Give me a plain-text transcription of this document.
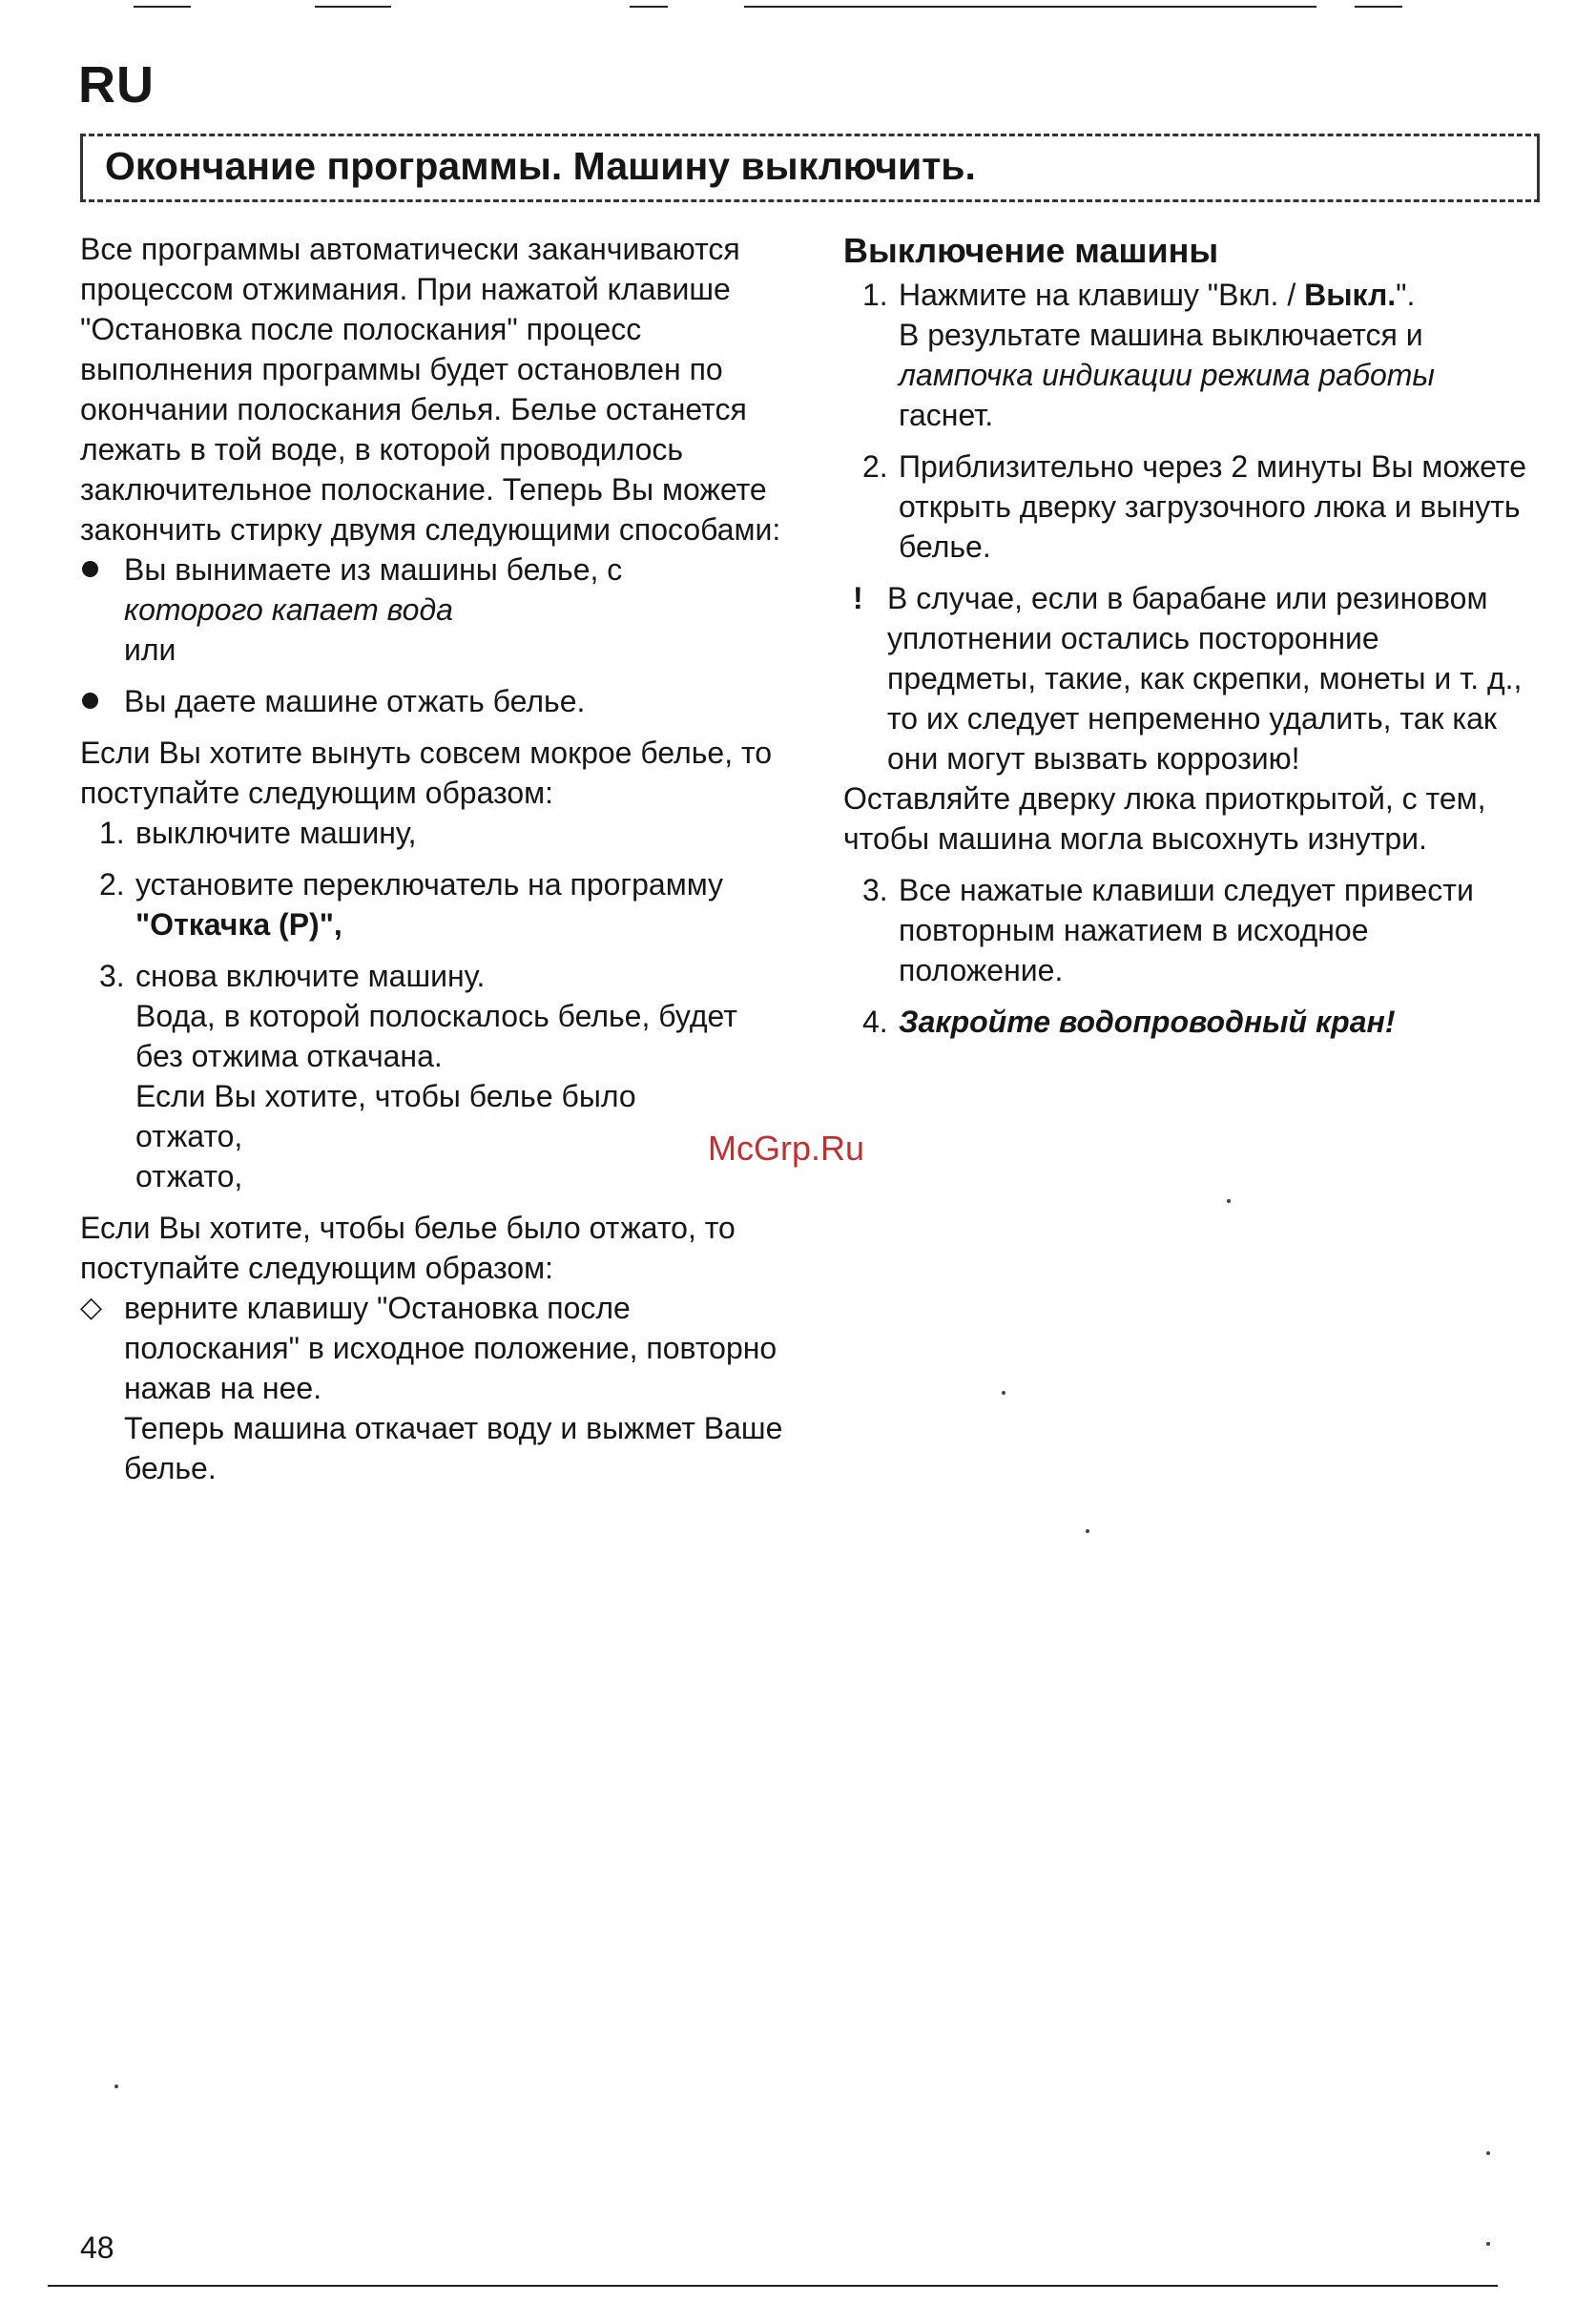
RU
Окончание программы. Машину выключить.

Все программы автоматически заканчиваются процессом отжимания. При нажатой клавише "Остановка после полоскания" процесс выполнения программы будет остановлен по окончании полоскания белья. Белье останется лежать в той воде, в которой проводилось заключительное полоскание. Теперь Вы можете закончить стирку двумя следующими способами:

Вы вынимаете из машины белье, с
которого капает вода
или
Вы даете машине отжать белье.

Если Вы хотите вынуть совсем мокрое белье, то поступайте следующим образом:

1. выключите машину,
2. установите переключатель на программу "Откачка (P)",
3. снова включите машину.
Вода, в которой полоскалось белье, будет без отжима откачана.
Если Вы хотите, чтобы белье было отжато,
отжато,

Если Вы хотите, чтобы белье было отжато, то поступайте следующим образом:

◇ верните клавишу "Остановка после полоскания" в исходное положение, повторно нажав на нее.
Теперь машина откачает воду и выжмет Ваше белье.

Выключение машины

1. Нажмите на клавишу "Вкл. / Выкл.".
В результате машина выключается и
лампочка индикации режима работы
гаснет.
2. Приблизительно через 2 минуты Вы можете открыть дверку загрузочного люка и вынуть белье.
! В случае, если в барабане или резиновом уплотнении остались посторонние предметы, такие, как скрепки, монеты и т. д., то их следует непременно удалить, так как они могут вызвать коррозию!

Оставляйте дверку люка приоткрытой, с тем, чтобы машина могла высохнуть изнутри.

3. Все нажатые клавиши следует привести повторным нажатием в исходное положение.
4. Закройте водопроводный кран!
McGrp.Ru
48
